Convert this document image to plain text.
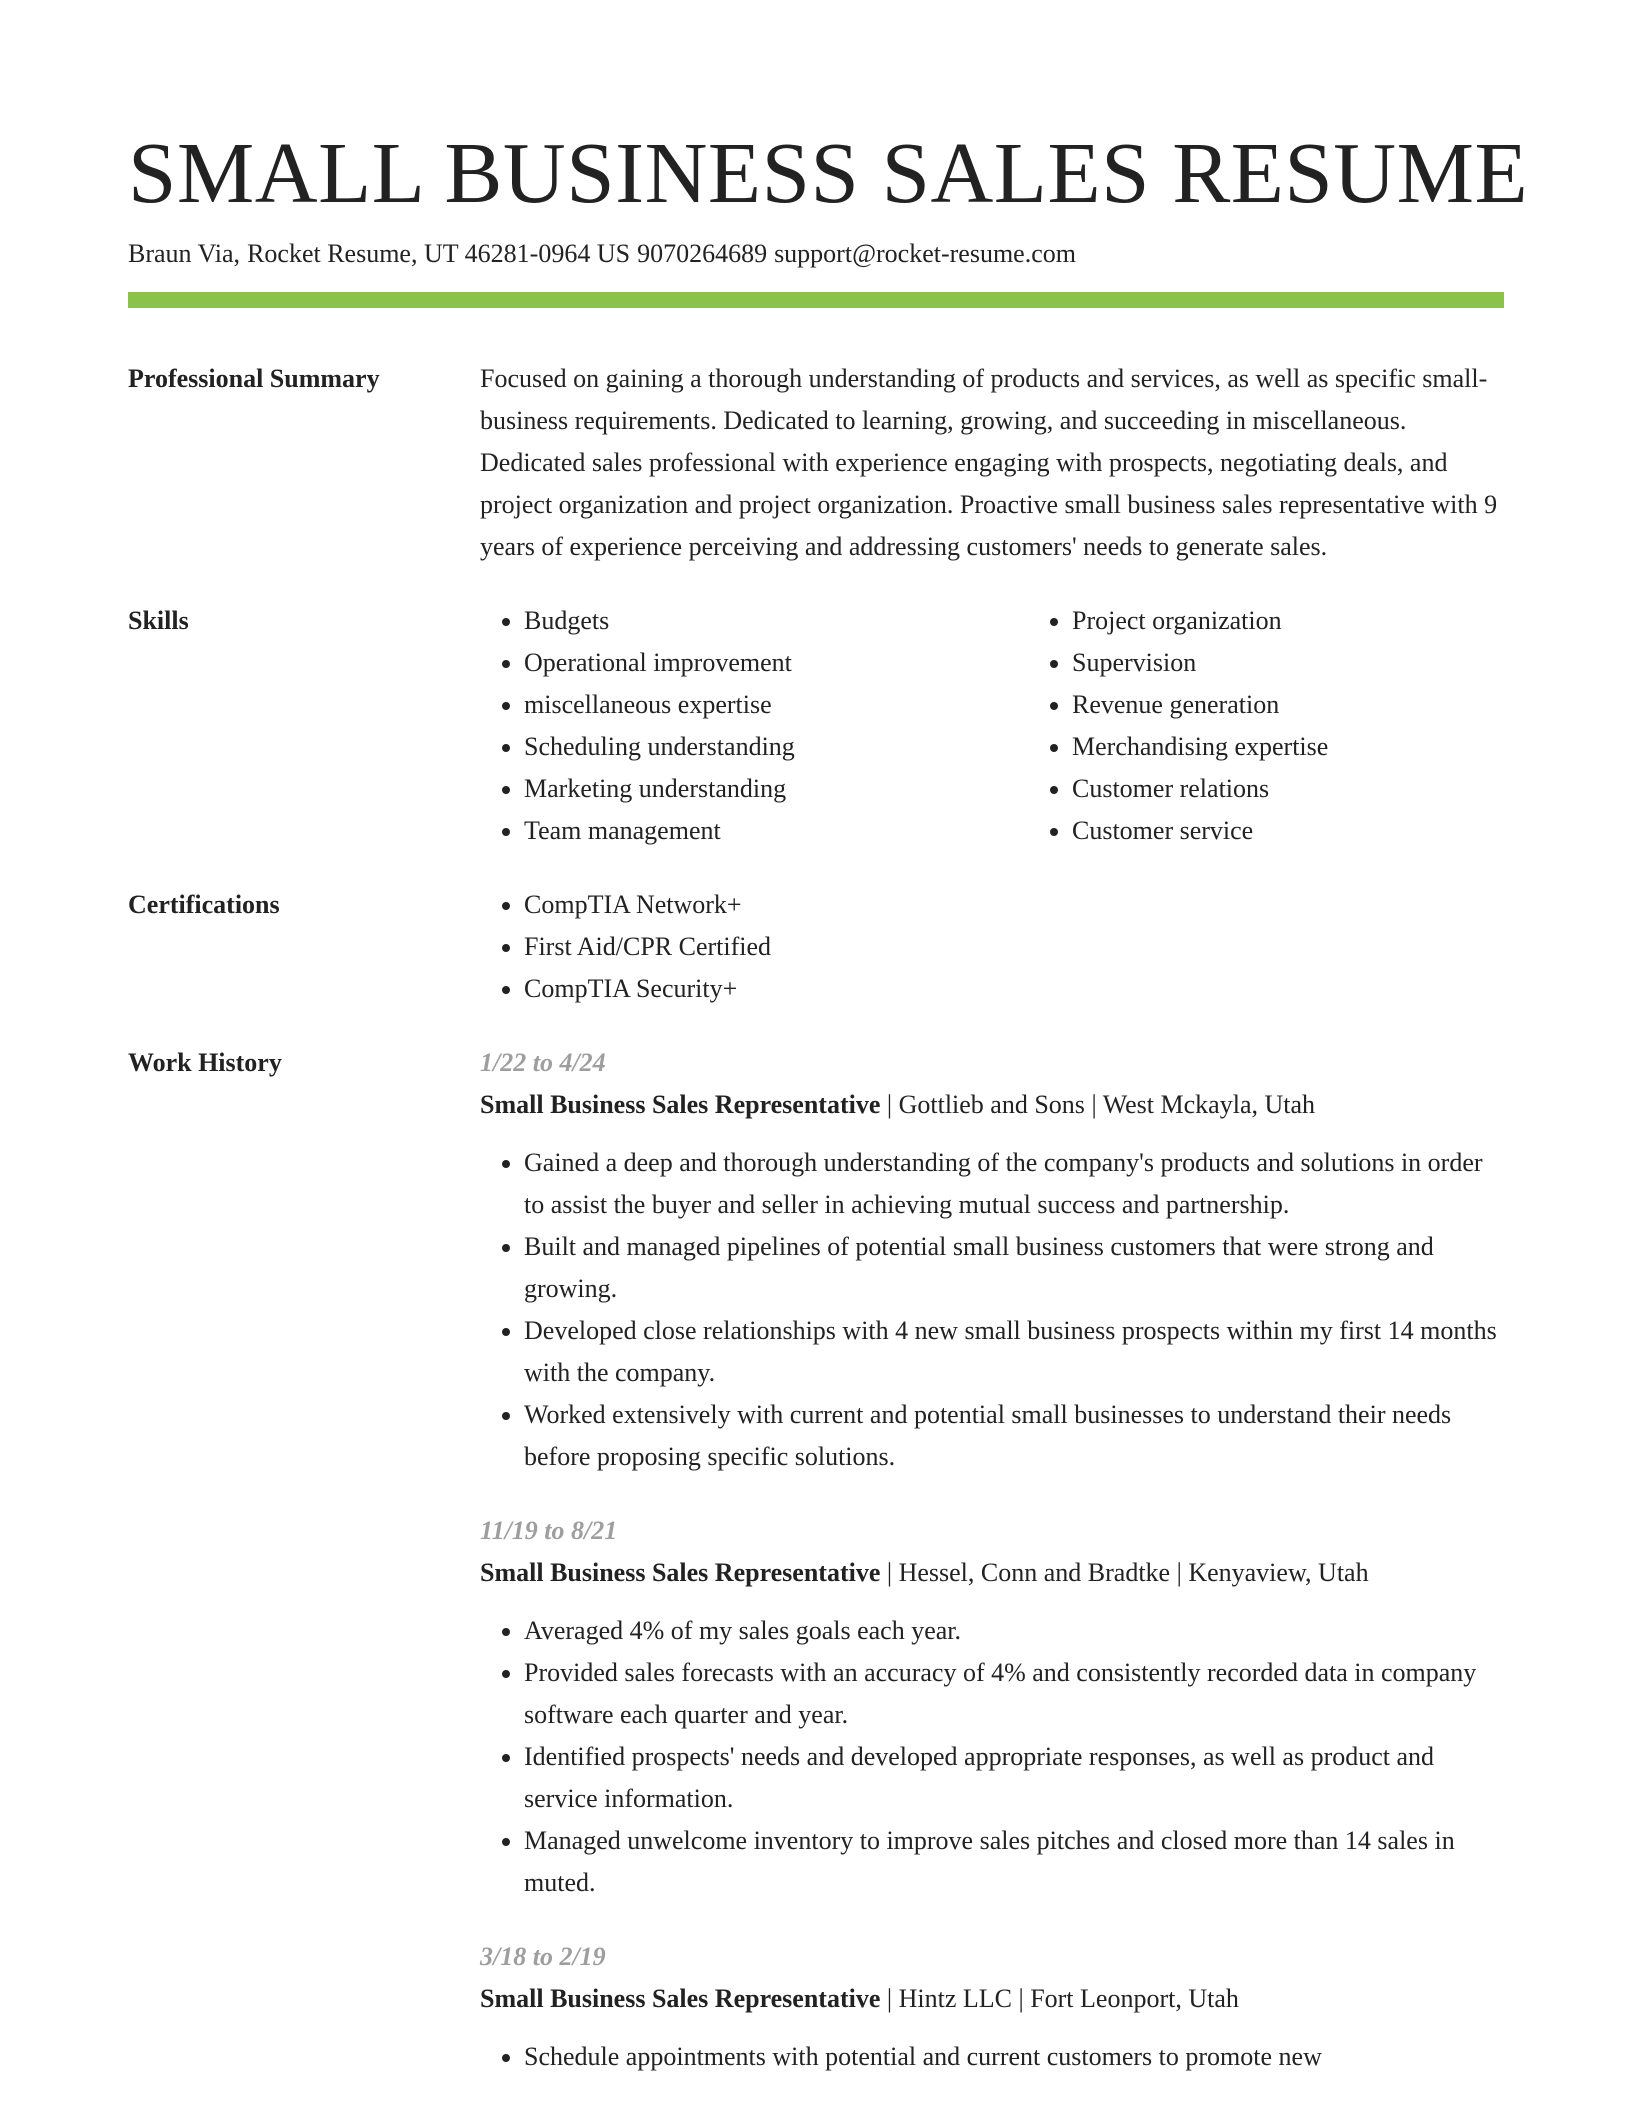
SMALL BUSINESS SALES RESUME
Braun Via, Rocket Resume, UT 46281-0964 US 9070264689 support@rocket-resume.com
Professional Summary	Focused on gaining a thorough understanding of products and services, as well as specific small-business requirements. Dedicated to learning, growing, and succeeding in miscellaneous. Dedicated sales professional with experience engaging with prospects, negotiating deals, and project organization and project organization. Proactive small business sales representative with 9 years of experience perceiving and addressing customers' needs to generate sales.

Skills	• Budgets
• Operational improvement
• miscellaneous expertise
• Scheduling understanding
• Marketing understanding
• Team management
• Project organization
• Supervision
• Revenue generation
• Merchandising expertise
• Customer relations
• Customer service
Certifications	• CompTIA Network+
• First Aid/CPR Certified
• CompTIA Security+
Work History	1/22 to 4/24
Small Business Sales Representative | Gottlieb and Sons | West Mckayla, Utah
• Gained a deep and thorough understanding of the company's products and solutions in order to assist the buyer and seller in achieving mutual success and partnership.
• Built and managed pipelines of potential small business customers that were strong and growing.
• Developed close relationships with 4 new small business prospects within my first 14 months with the company.
• Worked extensively with current and potential small businesses to understand their needs before proposing specific solutions.
11/19 to 8/21
Small Business Sales Representative | Hessel, Conn and Bradtke | Kenyaview, Utah
• Averaged 4% of my sales goals each year.
• Provided sales forecasts with an accuracy of 4% and consistently recorded data in company software each quarter and year.
• Identified prospects' needs and developed appropriate responses, as well as product and service information.
• Managed unwelcome inventory to improve sales pitches and closed more than 14 sales in muted.
3/18 to 2/19
Small Business Sales Representative | Hintz LLC | Fort Leonport, Utah
• Schedule appointments with potential and current customers to promote new
